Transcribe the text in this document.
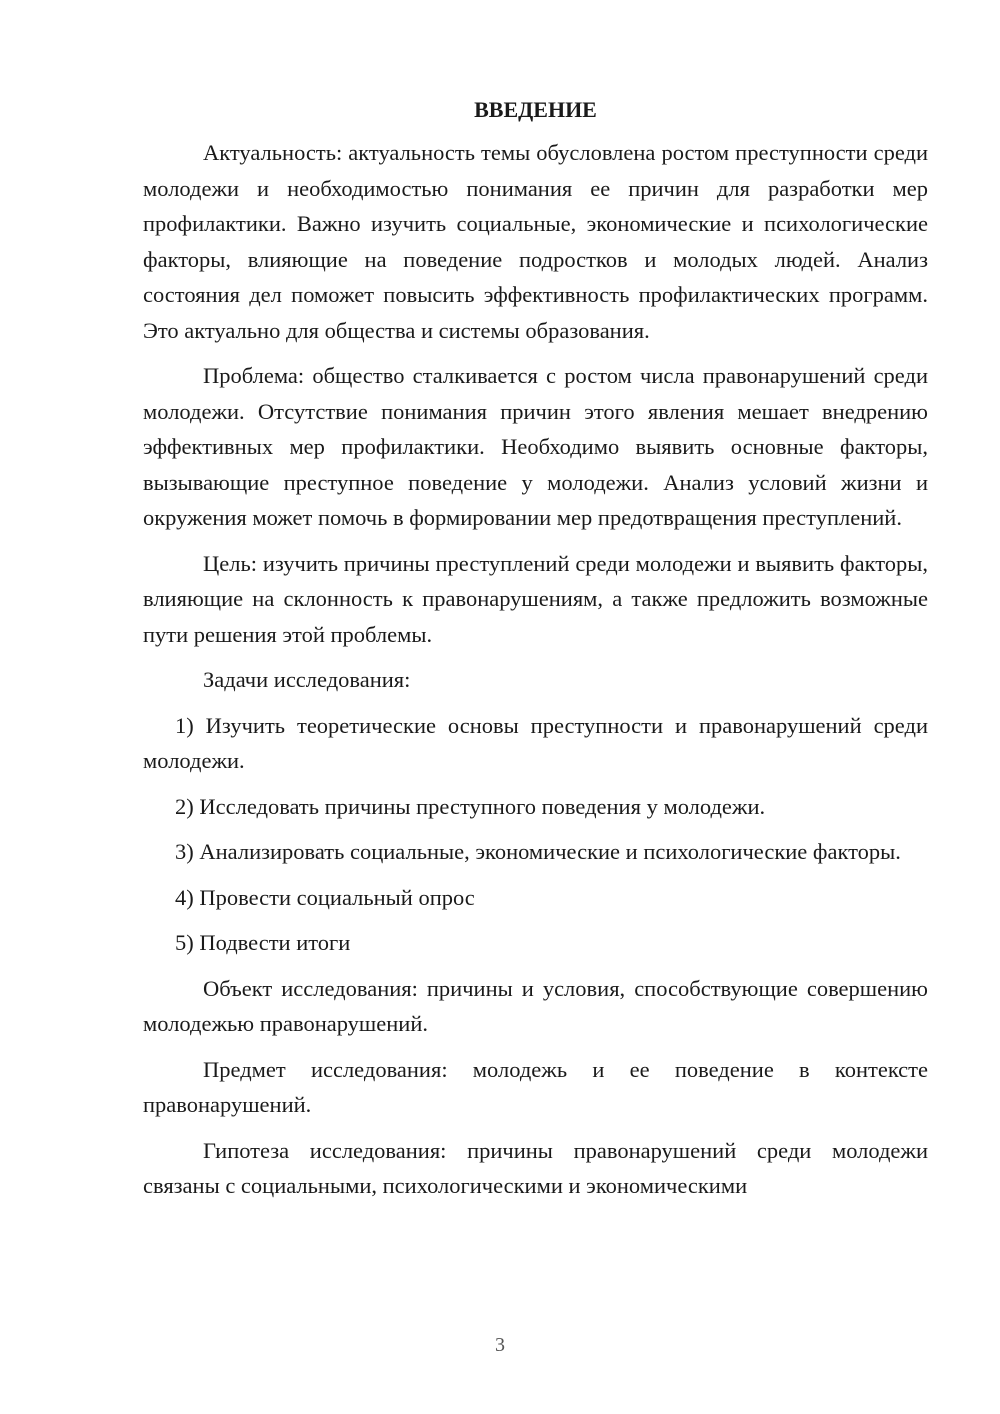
ВВЕДЕНИЕ

Актуальность: актуальность темы обусловлена ростом преступности среди молодежи и необходимостью понимания ее причин для разработки мер профилактики. Важно изучить социальные, экономические и психологические факторы, влияющие на поведение подростков и молодых людей. Анализ состояния дел поможет повысить эффективность профилактических программ. Это актуально для общества и системы образования.

Проблема: общество сталкивается с ростом числа правонарушений среди молодежи. Отсутствие понимания причин этого явления мешает внедрению эффективных мер профилактики. Необходимо выявить основные факторы, вызывающие преступное поведение у молодежи. Анализ условий жизни и окружения может помочь в формировании мер предотвращения преступлений.

Цель: изучить причины преступлений среди молодежи и выявить факторы, влияющие на склонность к правонарушениям, а также предложить возможные пути решения этой проблемы.

Задачи исследования:

1) Изучить теоретические основы преступности и правонарушений среди молодежи.

2) Исследовать причины преступного поведения у молодежи.

3) Анализировать социальные, экономические и психологические факторы.

4) Провести социальный опрос

5) Подвести итоги

Объект исследования: причины и условия, способствующие совершению молодежью правонарушений.

Предмет исследования: молодежь и ее поведение в контексте правонарушений.

Гипотеза исследования: причины правонарушений среди молодежи связаны с социальными, психологическими и экономическими

3
